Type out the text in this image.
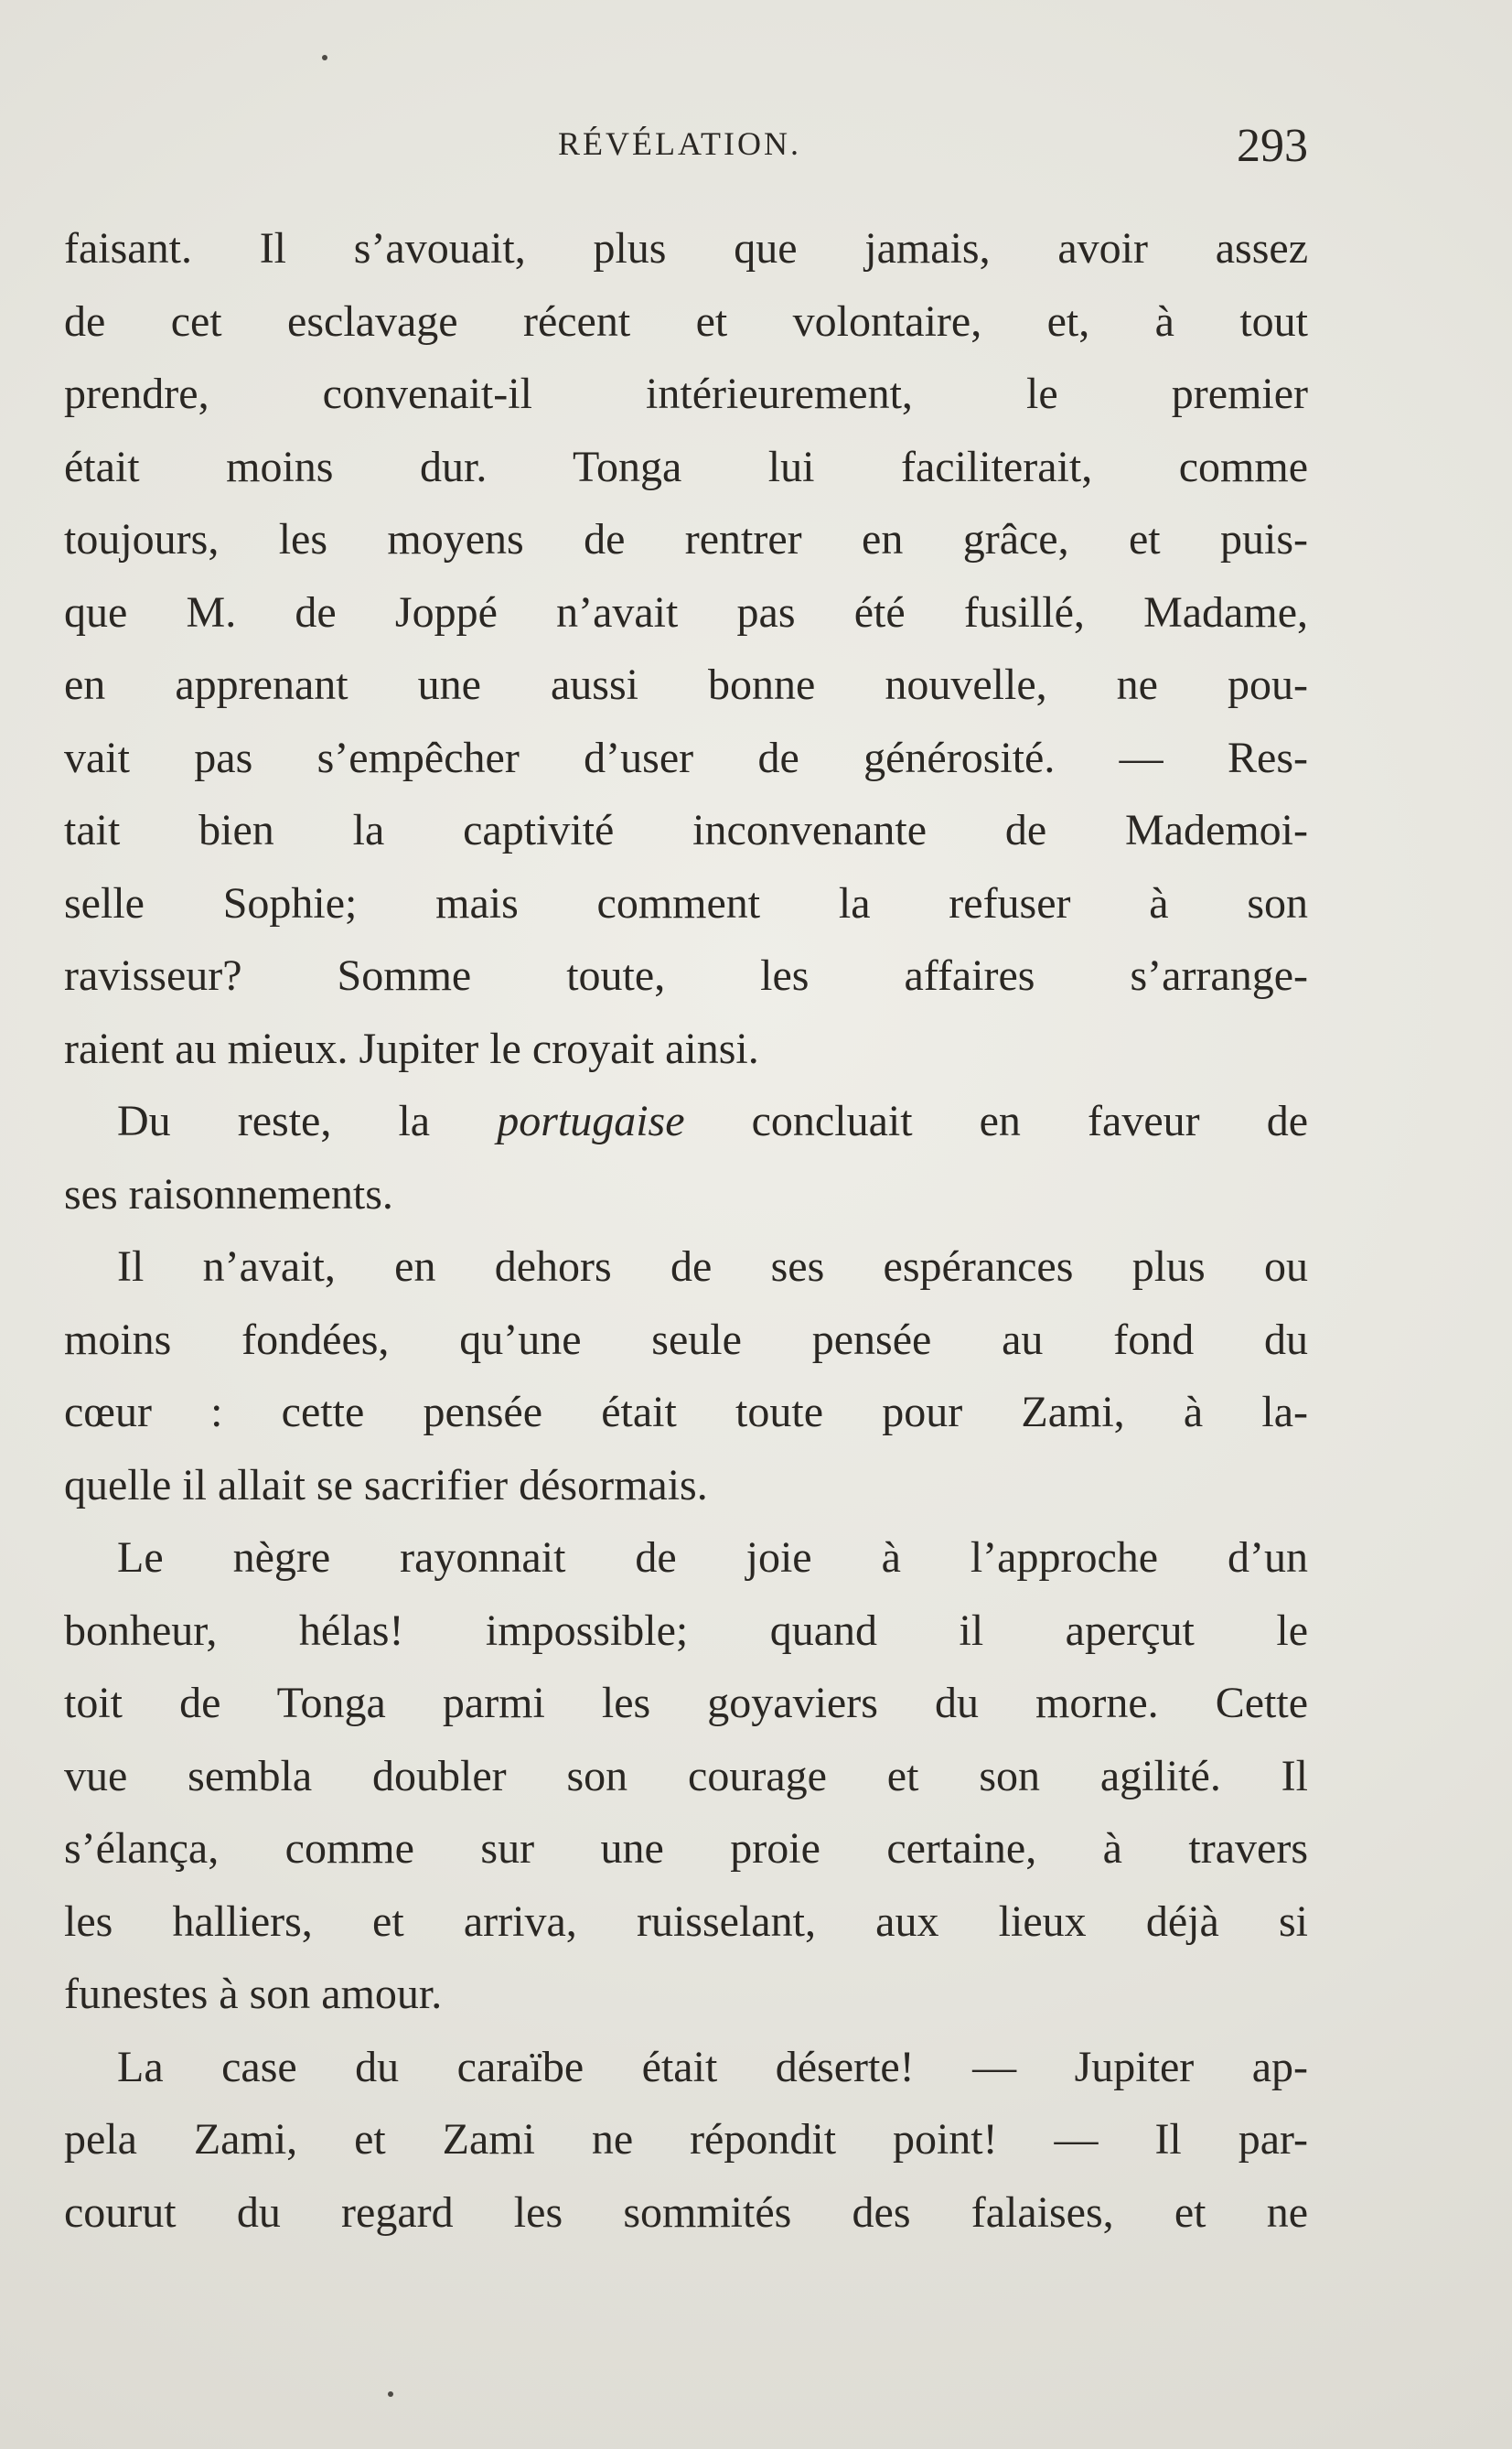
RÉVÉLATION.	293
faisant. Il s’avouait, plus que jamais, avoir assez
de cet esclavage récent et volontaire, et, à tout
prendre, convenait-il intérieurement, le premier
était moins dur. Tonga lui faciliterait, comme
toujours, les moyens de rentrer en grâce, et puis-
que M. de Joppé n’avait pas été fusillé, Madame,
en apprenant une aussi bonne nouvelle, ne pou-
vait pas s’empêcher d’user de générosité. — Res-
tait bien la captivité inconvenante de Mademoi-
selle Sophie; mais comment la refuser à son
ravisseur? Somme toute, les affaires s’arrange-
raient au mieux. Jupiter le croyait ainsi.
Du reste, la portugaise concluait en faveur de
ses raisonnements.
Il n’avait, en dehors de ses espérances plus ou
moins fondées, qu’une seule pensée au fond du
cœur : cette pensée était toute pour Zami, à la-
quelle il allait se sacrifier désormais.
Le nègre rayonnait de joie à l’approche d’un
bonheur, hélas! impossible; quand il aperçut le
toit de Tonga parmi les goyaviers du morne. Cette
vue sembla doubler son courage et son agilité. Il
s’élança, comme sur une proie certaine, à travers
les halliers, et arriva, ruisselant, aux lieux déjà si
funestes à son amour.
La case du caraïbe était déserte! — Jupiter ap-
pela Zami, et Zami ne répondit point! — Il par-
courut du regard les sommités des falaises, et ne
